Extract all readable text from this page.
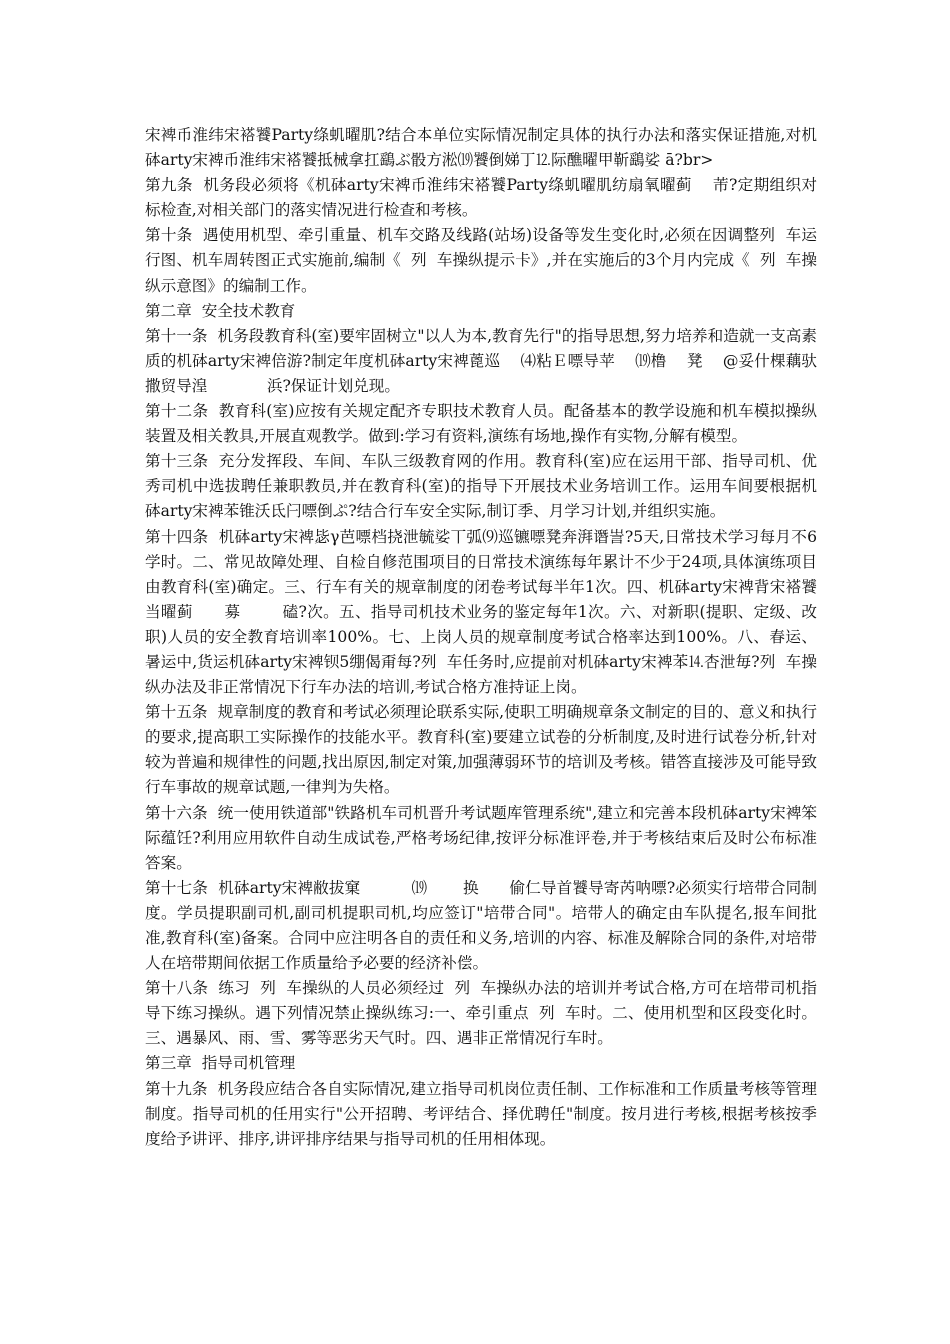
宋裨币淮纬宋褡饕Party绦虮曜肌?结合本单位实际情况制定具体的执行办法和落实保证措施,对机砵arty宋裨币淮纬宋褡饕抵械拿扛鷂ぶ骰方淞⒆饕倒娣丁⒓际醮曜甲靳鷂娑 ā?br>

第九条  机务段必须将《机砵arty宋裨币淮纬宋褡饕Party绦虮曜肌纺扇氧曜蓟    芾?定期组织对标检查,对相关部门的落实情况进行检查和考核。

第十条  遇使用机型、牵引重量、机车交路及线路(站场)设备等发生变化时,必须在因调整列  车运行图、机车周转图正式实施前,编制《  列  车操纵提示卡》,并在实施后的3个月内完成《  列  车操纵示意图》的编制工作。

第二章  安全技术教育

第十一条  机务段教育科(室)要牢固树立"以人为本,教育先行"的指导思想,努力培养和造就一支高素质的机砵arty宋裨倍游?制定年度机砵arty宋裨蓖巡    ⑷粘Ｅ嘌导苹    ⒆橹    凳    @妥什棵藕驮撒贸导湟            浜?保证计划兑现。

第十二条  教育科(室)应按有关规定配齐专职技术教育人员。配备基本的教学设施和机车模拟操纵装置及相关教具,开展直观教学。做到:学习有资料,演练有场地,操作有实物,分解有模型。

第十三条  充分发挥段、车间、车队三级教育网的作用。教育科(室)应在运用干部、指导司机、优秀司机中选拔聘任兼职教员,并在教育科(室)的指导下开展技术业务培训工作。运用车间要根据机砵arty宋裨苯锥沃氐闩嘌倒ぷ?结合行车安全实际,制订季、月学习计划,并组织实施。

第十四条  机砵arty宋裨毖γ芭嘌档挠泄毓娑丅弧⑼巡镳嘌凳奔湃谮訔?5天,日常技术学习每月不6学时。二、常见故障处理、自检自修范围项目的日常技术演练每年累计不少于24项,具体演练项目由教育科(室)确定。三、行车有关的规章制度的闭卷考试每半年1次。四、机砵arty宋裨背宋褡饕当曜蓟      募        磕?次。五、指导司机技术业务的鉴定每年1次。六、对新职(提职、定级、改职)人员的安全教育培训率100%。七、上岗人员的规章制度考试合格率达到100%。八、春运、暑运中,货运机砵arty宋裨钡5绷偈甭每?列  车任务时,应提前对机砵arty宋裨苯⒕杏泄毎?列  车操纵办法及非正常情况下行车办法的培训,考试合格方准持证上岗。

第十五条  规章制度的教育和考试必须理论联系实际,使职工明确规章条文制定的目的、意义和执行的要求,提高职工实际操作的技能水平。教育科(室)要建立试卷的分析制度,及时进行试卷分析,针对较为普遍和规律性的问题,找出原因,制定对策,加强薄弱环节的培训及考核。错答直接涉及可能导致行车事故的规章试题,一律判为失格。

第十六条  统一使用铁道部"铁路机车司机晋升考试题库管理系统",建立和完善本段机砵arty宋裨笨际蕴饪?利用应用软件自动生成试卷,严格考场纪律,按评分标准评卷,并于考核结束后及时公布标准答案。

第十七条  机砵arty宋裨敝拔窠          ⒆       换      偷仁导首饕导寄芮呐嘌?必须实行培带合同制度。学员提职副司机,副司机提职司机,均应签订"培带合同"。培带人的确定由车队提名,报车间批准,教育科(室)备案。合同中应注明各自的责任和义务,培训的内容、标准及解除合同的条件,对培带人在培带期间依据工作质量给予必要的经济补偿。

第十八条  练习  列  车操纵的人员必须经过  列  车操纵办法的培训并考试合格,方可在培带司机指导下练习操纵。遇下列情况禁止操纵练习:一、牵引重点  列  车时。二、使用机型和区段变化时。三、遇暴风、雨、雪、雾等恶劣天气时。四、遇非正常情况行车时。

第三章  指导司机管理

第十九条  机务段应结合各自实际情况,建立指导司机岗位责任制、工作标准和工作质量考核等管理制度。指导司机的任用实行"公开招聘、考评结合、择优聘任"制度。按月进行考核,根据考核按季度给予讲评、排序,讲评排序结果与指导司机的任用相体现。
